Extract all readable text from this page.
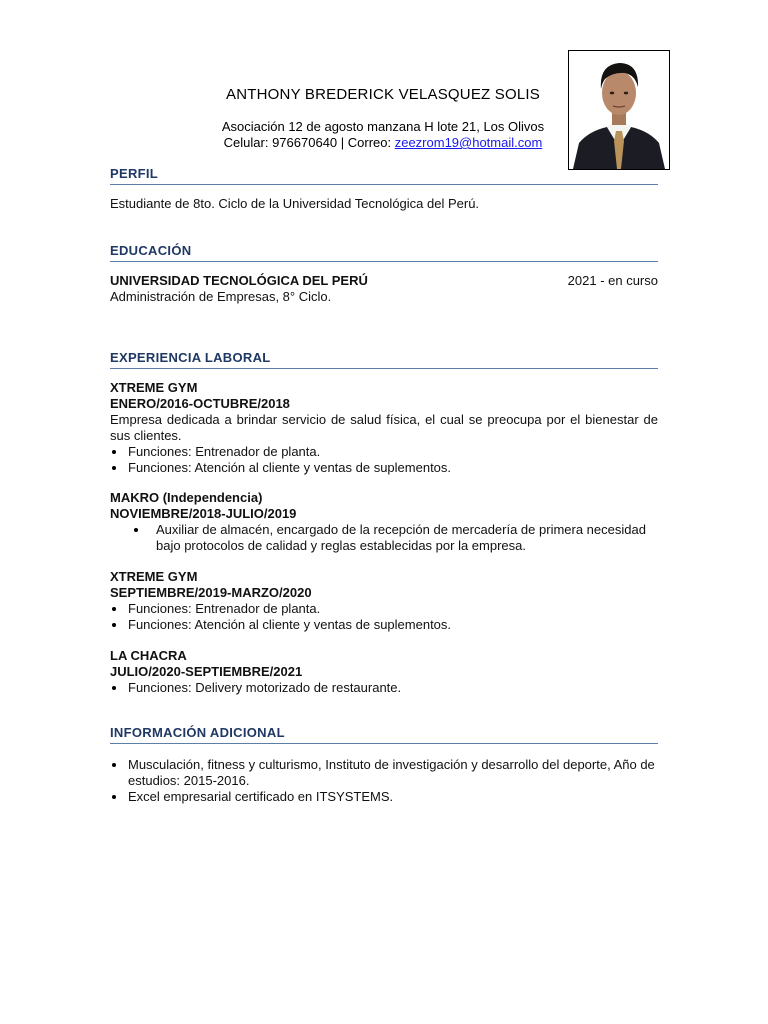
ANTHONY BREDERICK VELASQUEZ SOLIS
Asociación 12 de agosto manzana H lote 21, Los Olivos
Celular: 976670640 | Correo: zeezrom19@hotmail.com
PERFIL
Estudiante de 8to. Ciclo de la Universidad Tecnológica del Perú.
EDUCACIÓN
UNIVERSIDAD TECNOLÓGICA DEL PERÚ	2021 - en curso
Administración de Empresas, 8° Ciclo.
EXPERIENCIA LABORAL
XTREME GYM
ENERO/2016-OCTUBRE/2018
Empresa dedicada a brindar servicio de salud física, el cual se preocupa por el bienestar de sus clientes.
Funciones: Entrenador de planta.
Funciones: Atención al cliente y ventas de suplementos.
MAKRO (Independencia)
NOVIEMBRE/2018-JULIO/2019
Auxiliar de almacén, encargado de la recepción de mercadería de primera necesidad bajo protocolos de calidad y reglas establecidas por la empresa.
XTREME GYM
SEPTIEMBRE/2019-MARZO/2020
Funciones: Entrenador de planta.
Funciones: Atención al cliente y ventas de suplementos.
LA CHACRA
JULIO/2020-SEPTIEMBRE/2021
Funciones: Delivery motorizado de restaurante.
INFORMACIÓN ADICIONAL
Musculación, fitness y culturismo, Instituto de investigación y desarrollo del deporte, Año de estudios: 2015-2016.
Excel empresarial certificado en ITSYSTEMS.
